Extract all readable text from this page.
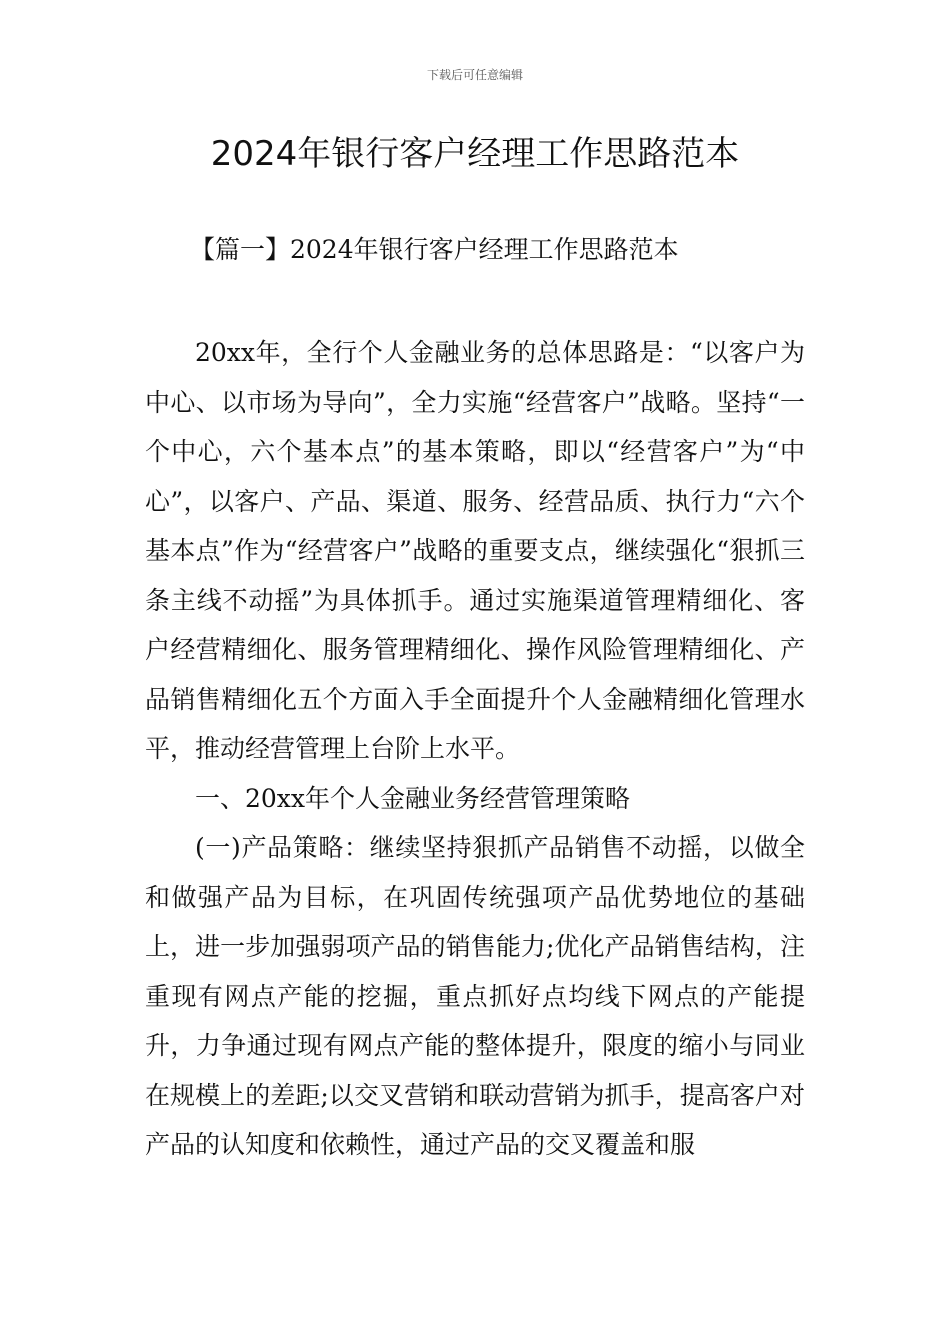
下载后可任意编辑
2024年银行客户经理工作思路范本
【篇一】2024年银行客户经理工作思路范本

20xx年，全行个人金融业务的总体思路是：“以客户为中心、以市场为导向”，全力实施“经营客户”战略。坚持“一个中心，六个基本点”的基本策略，即以“经营客户”为“中心”，以客户、产品、渠道、服务、经营品质、执行力“六个基本点”作为“经营客户”战略的重要支点，继续强化“狠抓三条主线不动摇”为具体抓手。通过实施渠道管理精细化、客户经营精细化、服务管理精细化、操作风险管理精细化、产品销售精细化五个方面入手全面提升个人金融精细化管理水平，推动经营管理上台阶上水平。

一、20xx年个人金融业务经营管理策略

(一)产品策略：继续坚持狠抓产品销售不动摇，以做全和做强产品为目标，在巩固传统强项产品优势地位的基础上，进一步加强弱项产品的销售能力;优化产品销售结构，注重现有网点产能的挖掘，重点抓好点均线下网点的产能提升，力争通过现有网点产能的整体提升，限度的缩小与同业在规模上的差距;以交叉营销和联动营销为抓手，提高客户对产品的认知度和依赖性，通过产品的交叉覆盖和服
